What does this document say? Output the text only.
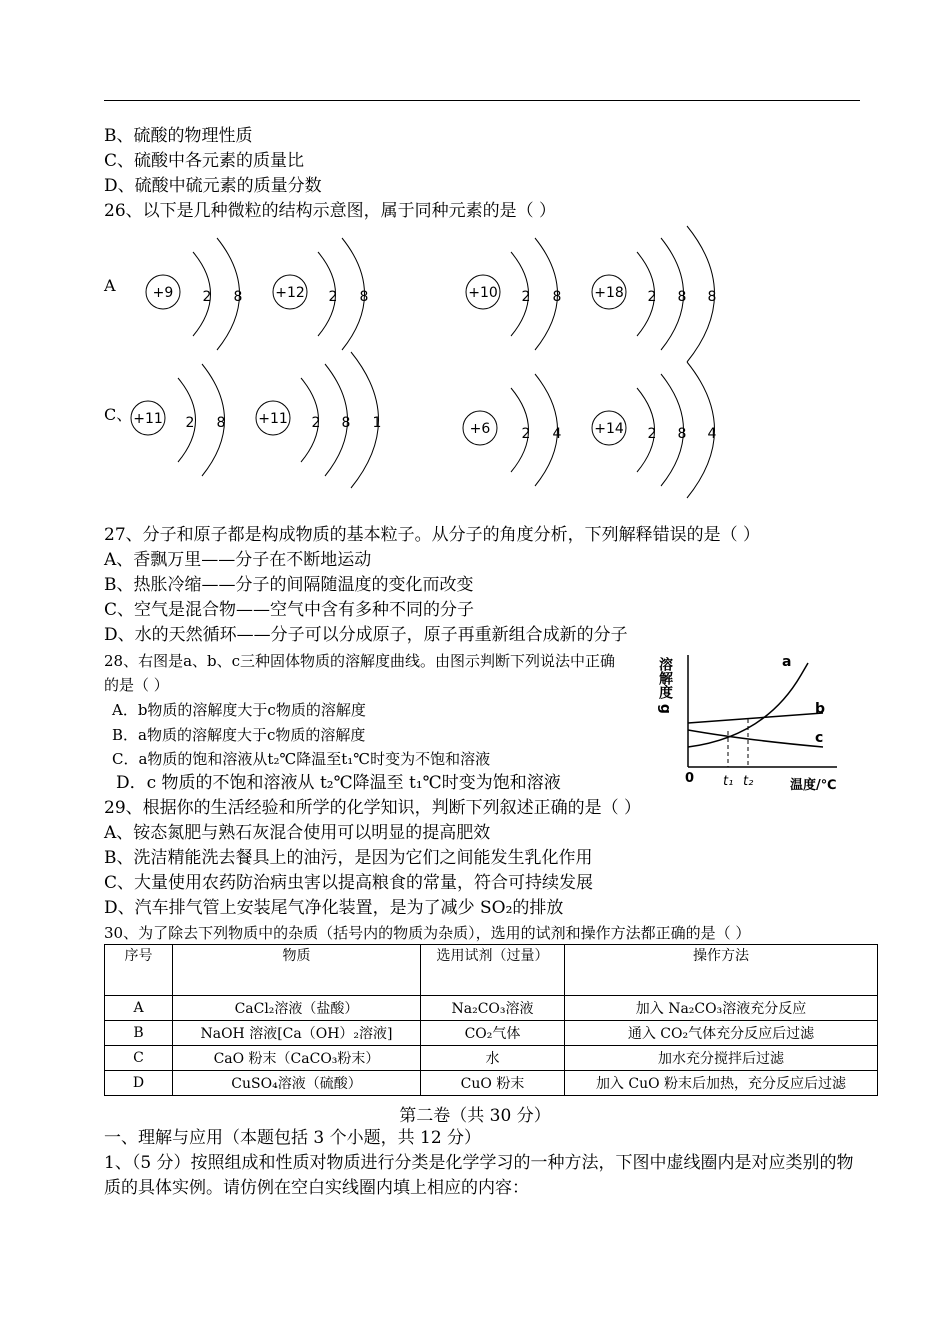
B、硫酸的物理性质
C、硫酸中各元素的质量比
D、硫酸中硫元素的质量分数
26、以下是几种微粒的结构示意图，属于同种元素的是（ ）
A
C、
+9 2 8 +12 2 8	+10 2 8 +18 2 8 8
+11 2 8 +11 2 8 1	+6 2 4 +14 2 8 4
27、分子和原子都是构成物质的基本粒子。从分子的角度分析，下列解释错误的是（ ）
A、香飘万里——分子在不断地运动
B、热胀冷缩——分子的间隔随温度的变化而改变
C、空气是混合物——空气中含有多种不同的分子
D、水的天然循环——分子可以分成原子，原子再重新组合成新的分子
28、右图是a、b、c三种固体物质的溶解度曲线。由图示判断下列说法中正确
的是（ ）
A．b物质的溶解度大于c物质的溶解度
B．a物质的溶解度大于c物质的溶解度
C．a物质的饱和溶液从t₂℃降温至t₁℃时变为不饱和溶液
D．c 物质的不饱和溶液从 t₂℃降温至 t₁℃时变为饱和溶液
溶解度 g
0 t₁ t₂	温度/℃
a
b
c
29、根据你的生活经验和所学的化学知识，判断下列叙述正确的是（ ）
A、铵态氮肥与熟石灰混合使用可以明显的提高肥效
B、洗洁精能洗去餐具上的油污，是因为它们之间能发生乳化作用
C、大量使用农药防治病虫害以提高粮食的常量，符合可持续发展
D、汽车排气管上安装尾气净化装置，是为了减少 SO₂的排放
30、为了除去下列物质中的杂质（括号内的物质为杂质），选用的试剂和操作方法都正确的是（ ）
序号	物质	选用试剂（过量）	操作方法
A	CaCl₂溶液（盐酸）	Na₂CO₃溶液	加入 Na₂CO₃溶液充分反应
B	NaOH 溶液[Ca（OH）₂溶液]	CO₂气体	通入 CO₂气体充分反应后过滤
C	CaO 粉末（CaCO₃粉末）	水	加水充分搅拌后过滤
D	CuSO₄溶液（硫酸）	CuO 粉末	加入 CuO 粉末后加热，充分反应后过滤
第二卷（共 30 分）
一、理解与应用（本题包括 3 个小题，共 12 分）
1、（5 分）按照组成和性质对物质进行分类是化学学习的一种方法，下图中虚线圈内是对应类别的物质的具体实例。请仿例在空白实线圈内填上相应的内容：
